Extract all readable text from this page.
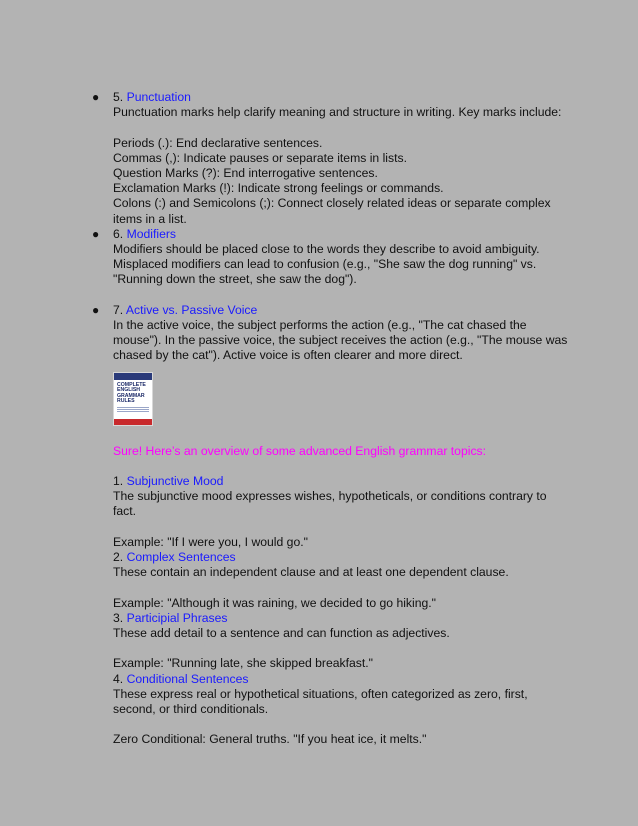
● 5. Punctuation
Punctuation marks help clarify meaning and structure in writing. Key marks include:
Periods (.): End declarative sentences.
Commas (,): Indicate pauses or separate items in lists.
Question Marks (?): End interrogative sentences.
Exclamation Marks (!): Indicate strong feelings or commands.
Colons (:) and Semicolons (;): Connect closely related ideas or separate complex items in a list.
● 6. Modifiers
Modifiers should be placed close to the words they describe to avoid ambiguity. Misplaced modifiers can lead to confusion (e.g., "She saw the dog running" vs. "Running down the street, she saw the dog").
● 7. Active vs. Passive Voice
In the active voice, the subject performs the action (e.g., "The cat chased the mouse"). In the passive voice, the subject receives the action (e.g., "The mouse was chased by the cat"). Active voice is often clearer and more direct.
COMPLETE ENGLISH GRAMMAR RULES
Sure! Here’s an overview of some advanced English grammar topics:
1. Subjunctive Mood
The subjunctive mood expresses wishes, hypotheticals, or conditions contrary to fact.
Example: "If I were you, I would go."
2. Complex Sentences
These contain an independent clause and at least one dependent clause.
Example: "Although it was raining, we decided to go hiking."
3. Participial Phrases
These add detail to a sentence and can function as adjectives.
Example: "Running late, she skipped breakfast."
4. Conditional Sentences
These express real or hypothetical situations, often categorized as zero, first, second, or third conditionals.
Zero Conditional: General truths. "If you heat ice, it melts."
